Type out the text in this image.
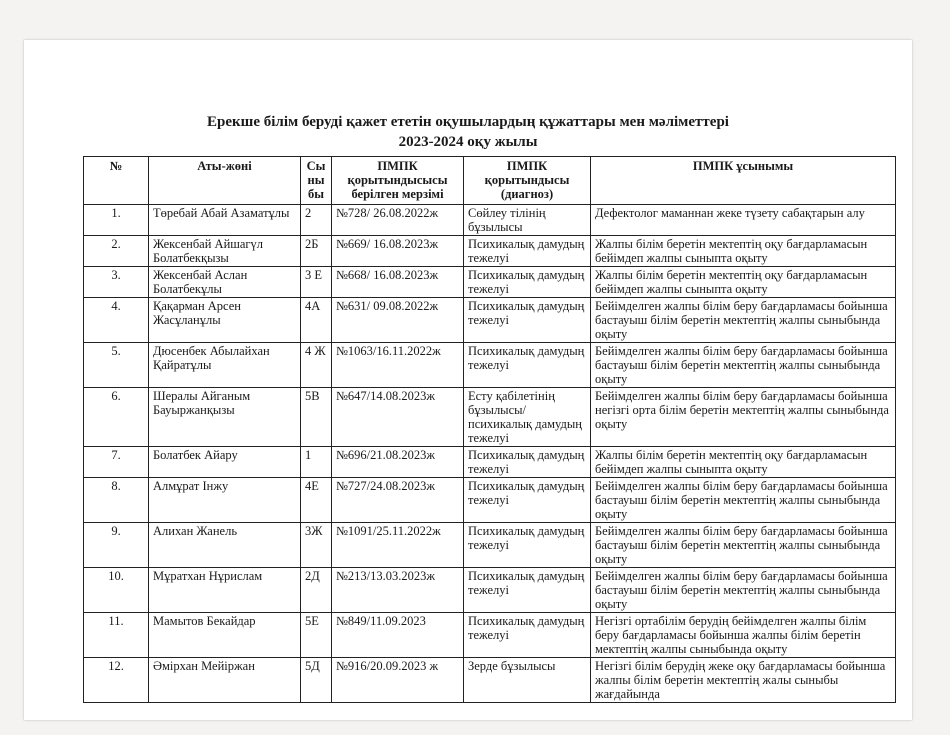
Ерекше білім беруді қажет ететін оқушылардың құжаттары мен мәліметтері
2023-2024 оқу жылы
№	Аты-жөні	Сы ны бы	ПМПК қорытындысысы берілген мерзімі	ПМПК қорытындысы (диагноз)	ПМПК ұсынымы
1.	Төребай Абай Азаматұлы	2	№728/ 26.08.2022ж	Сөйлеу тілінің бұзылысы	Дефектолог маманнан жеке түзету сабақтарын алу
2.	Жексенбай Айшагүл Болатбекқызы	2Б	№669/ 16.08.2023ж	Психикалық дамудың тежелуі	Жалпы білім беретін мектептің оқу бағдарламасын бейімдеп жалпы сыныпта оқыту
3.	Жексенбай Аслан Болатбекұлы	3 Е	№668/ 16.08.2023ж	Психикалық дамудың тежелуі	Жалпы білім беретін мектептің оқу бағдарламасын бейімдеп жалпы сыныпта оқыту
4.	Қақарман Арсен Жасұланұлы	4А	№631/ 09.08.2022ж	Психикалық дамудың тежелуі	Бейімделген жалпы білім беру бағдарламасы бойынша бастауыш білім беретін мектептің жалпы сыныбында оқыту
5.	Дюсенбек Абылайхан Қайратұлы	4 Ж	№1063/16.11.2022ж	Психикалық дамудың тежелуі	Бейімделген жалпы білім беру бағдарламасы бойынша бастауыш білім беретін мектептің жалпы сыныбында оқыту
6.	Шералы Айганым Бауыржанқызы	5В	№647/14.08.2023ж	Есту қабілетінің бұзылысы/психикалық дамудың тежелуі	Бейімделген жалпы білім беру бағдарламасы бойынша негізгі орта білім беретін мектептің жалпы сыныбында оқыту
7.	Болатбек Айару	1	№696/21.08.2023ж	Психикалық дамудың тежелуі	Жалпы білім беретін мектептің оқу бағдарламасын бейімдеп жалпы сыныпта оқыту
8.	Алмұрат Інжу	4Е	№727/24.08.2023ж	Психикалық дамудың тежелуі	Бейімделген жалпы білім беру бағдарламасы бойынша бастауыш білім беретін мектептің жалпы сыныбында оқыту
9.	Алихан Жанель	3Ж	№1091/25.11.2022ж	Психикалық дамудың тежелуі	Бейімделген жалпы білім беру бағдарламасы бойынша бастауыш білім беретін мектептің жалпы сыныбында оқыту
10.	Мұратхан Нұрислам	2Д	№213/13.03.2023ж	Психикалық дамудың тежелуі	Бейімделген жалпы білім беру бағдарламасы бойынша бастауыш білім беретін мектептің жалпы сыныбында оқыту
11.	Мамытов Бекайдар	5Е	№849/11.09.2023	Психикалық дамудың тежелуі	Негізгі ортабілім берудің бейімделген жалпы білім беру бағдарламасы бойынша жалпы білім беретін мектептің жалпы сыныбында оқыту
12.	Әмірхан Мейіржан	5Д	№916/20.09.2023 ж	Зерде бұзылысы	Негізгі білім берудің жеке оқу бағдарламасы бойынша жалпы білім беретін мектептің жалы сыныбы жағдайында
